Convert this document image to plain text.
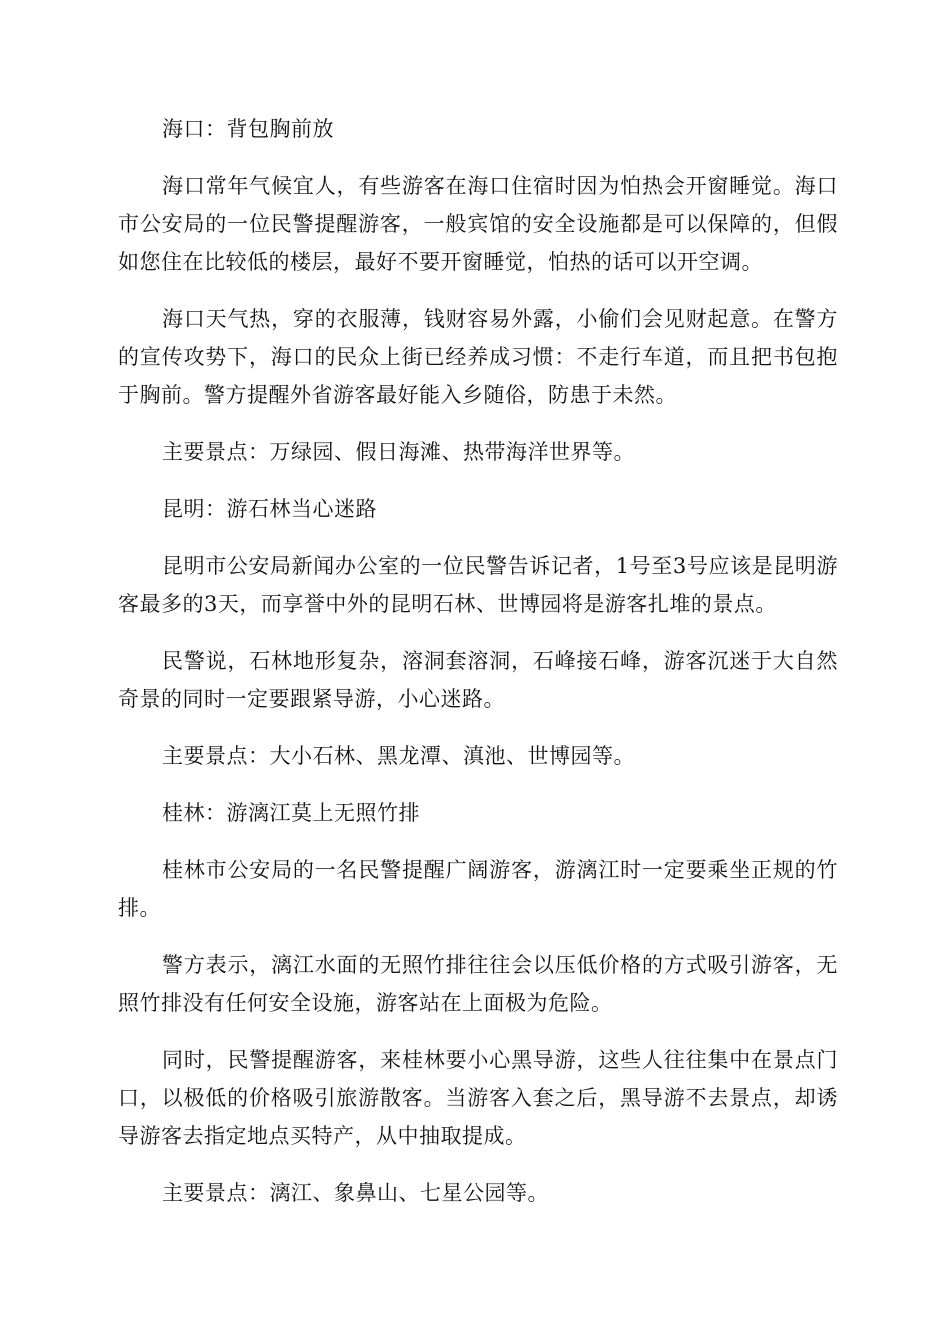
海口：背包胸前放

海口常年气候宜人，有些游客在海口住宿时因为怕热会开窗睡觉。海口市公安局的一位民警提醒游客，一般宾馆的安全设施都是可以保障的，但假如您住在比较低的楼层，最好不要开窗睡觉，怕热的话可以开空调。

海口天气热，穿的衣服薄，钱财容易外露，小偷们会见财起意。在警方的宣传攻势下，海口的民众上街已经养成习惯：不走行车道，而且把书包抱于胸前。警方提醒外省游客最好能入乡随俗，防患于未然。

主要景点：万绿园、假日海滩、热带海洋世界等。

昆明：游石林当心迷路

昆明市公安局新闻办公室的一位民警告诉记者，1号至3号应该是昆明游客最多的3天，而享誉中外的昆明石林、世博园将是游客扎堆的景点。

民警说，石林地形复杂，溶洞套溶洞，石峰接石峰，游客沉迷于大自然奇景的同时一定要跟紧导游，小心迷路。

主要景点：大小石林、黑龙潭、滇池、世博园等。

桂林：游漓江莫上无照竹排

桂林市公安局的一名民警提醒广阔游客，游漓江时一定要乘坐正规的竹排。

警方表示，漓江水面的无照竹排往往会以压低价格的方式吸引游客，无照竹排没有任何安全设施，游客站在上面极为危险。

同时，民警提醒游客，来桂林要小心黑导游，这些人往往集中在景点门口，以极低的价格吸引旅游散客。当游客入套之后，黑导游不去景点，却诱导游客去指定地点买特产，从中抽取提成。

主要景点：漓江、象鼻山、七星公园等。
